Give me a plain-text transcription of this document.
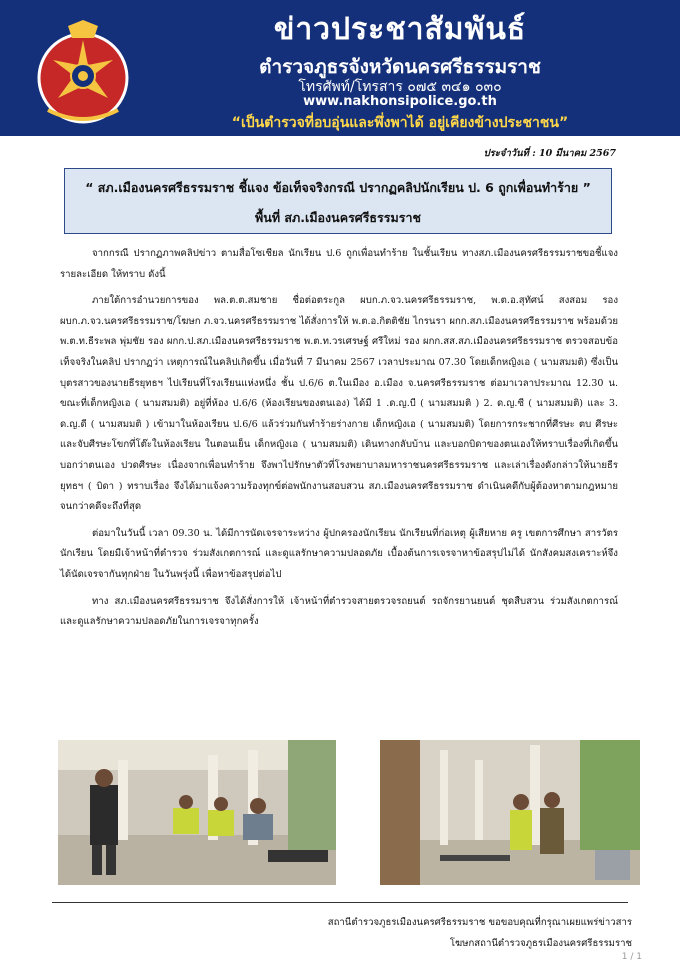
ข่าวประชาสัมพันธ์
ตำรวจภูธรจังหวัดนครศรีธรรมราช
โทรศัพท์/โทรสาร ๐๗๕ ๓๔๑ ๐๓๐
www.nakhonsipolice.go.th
“เป็นตำรวจที่อบอุ่นและพึ่งพาได้ อยู่เคียงข้างประชาชน”
ประจำวันที่ : 10 มีนาคม 2567
“ สภ.เมืองนครศรีธรรมราช ชี้แจง ข้อเท็จจริงกรณี ปรากฏคลิปนักเรียน ป. 6 ถูกเพื่อนทำร้าย ”
พื้นที่ สภ.เมืองนครศรีธรรมราช

จากกรณี ปรากฏภาพคลิปข่าว ตามสื่อโซเชียล นักเรียน ป.6 ถูกเพื่อนทำร้าย ในชั้นเรียน ทางสภ.เมืองนครศรีธรรมราชขอชี้แจงรายละเอียด ให้ทราบ ดังนี้

ภายใต้การอำนวยการของ พล.ต.ต.สมชาย ชื่อต่อตระกูล ผบก.ภ.จว.นครศรีธรรมราช, พ.ต.อ.สุทัศน์ สงสอม รอง ผบก.ภ.จว.นครศรีธรรมราช/โฆษก ภ.จว.นครศรีธรรมราช ได้สั่งการให้ พ.ต.อ.กิตติชัย ไกรนรา ผกก.สภ.เมืองนครศรีธรรมราช พร้อมด้วย พ.ต.ท.ธีระพล พุ่มชัย รอง ผกก.ป.สภ.เมืองนครศรีธรรมราช พ.ต.ท.วรเศรษฐ์ ศรีใหม่ รอง ผกก.สส.สภ.เมืองนครศรีธรรมราช ตรวจสอบข้อเท็จจริงในคลิป ปรากฏว่า เหตุการณ์ในคลิปเกิดขึ้น เมื่อวันที่ 7 มีนาคม 2567 เวลาประมาณ 07.30 โดยเด็กหญิงเอ ( นามสมมติ) ซึ่งเป็นบุตรสาวของนายธีรยุทธฯ ไปเรียนที่โรงเรียนแห่งหนึ่ง ชั้น ป.6/6 ต.ในเมือง อ.เมือง จ.นครศรีธรรมราช ต่อมาเวลาประมาณ 12.30 น. ขณะที่เด็กหญิงเอ ( นามสมมติ) อยู่ที่ห้อง ป.6/6 (ห้องเรียนของตนเอง) ได้มี 1 .ด.ญ.บี ( นามสมมติ ) 2. ด.ญ.ซี ( นามสมมติ) และ 3. ด.ญ.ดี ( นามสมมติ ) เข้ามาในห้องเรียน ป.6/6 แล้วร่วมกันทำร้ายร่างกาย เด็กหญิงเอ ( นามสมมติ) โดยการกระชากที่ศีรษะ ตบ ศีรษะ และจับศีรษะโขกที่โต๊ะในห้องเรียน ในตอนเย็น เด็กหญิงเอ ( นามสมมติ) เดินทางกลับบ้าน และบอกบิดาของตนเองให้ทราบเรื่องที่เกิดขึ้น บอกว่าตนเอง ปวดศีรษะ เนื่องจากเพื่อนทำร้าย จึงพาไปรักษาตัวที่โรงพยาบาลมหาราชนครศรีธรรมราช และเล่าเรื่องดังกล่าวให้นายธีรยุทธฯ ( บิดา ) ทราบเรื่อง จึงได้มาแจ้งความร้องทุกข์ต่อพนักงานสอบสวน สภ.เมืองนครศรีธรรมราช ดำเนินคดีกับผู้ต้องหาตามกฎหมายจนกว่าคดีจะถึงที่สุด

ต่อมาในวันนี้ เวลา 09.30 น. ได้มีการนัดเจรจาระหว่าง ผู้ปกครองนักเรียน นักเรียนที่ก่อเหตุ ผู้เสียหาย ครู เขตการศึกษา สารวัตรนักเรียน โดยมีเจ้าหน้าที่ตำรวจ ร่วมสังเกตการณ์ และดูแลรักษาความปลอดภัย เบื้องต้นการเจรจาหาข้อสรุปไม่ได้ นักสังคมสงเคราะห์จึงได้นัดเจรจากันทุกฝ่าย ในวันพรุ่งนี้ เพื่อหาข้อสรุปต่อไป

ทาง สภ.เมืองนครศรีธรรมราช จึงได้สั่งการให้ เจ้าหน้าที่ตำรวจสายตรวจรถยนต์ รถจักรยานยนต์ ชุดสืบสวน ร่วมสังเกตการณ์ และดูแลรักษาความปลอดภัยในการเจรจาทุกครั้ง

สถานีตำรวจภูธรเมืองนครศรีธรรมราช ขอขอบคุณที่กรุณาเผยแพร่ข่าวสาร
โฆษกสถานีตำรวจภูธรเมืองนครศรีธรรมราช
1 / 1
